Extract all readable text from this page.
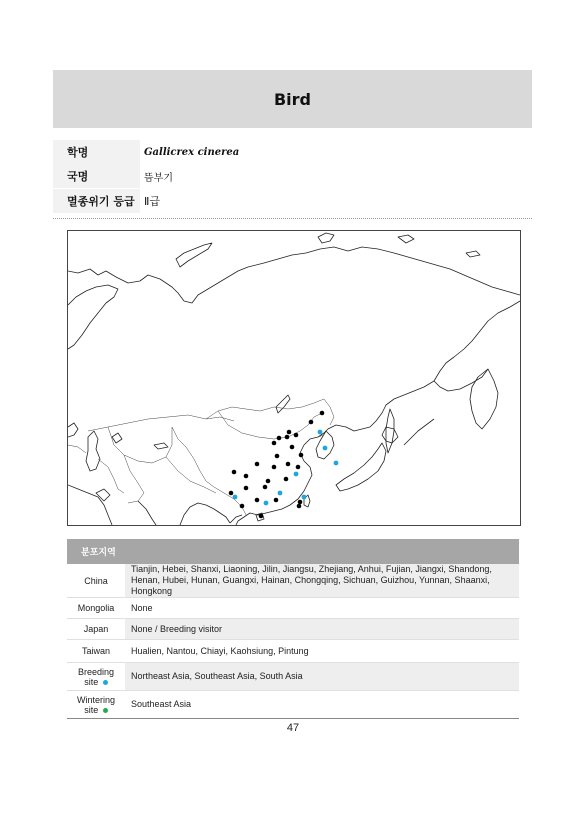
Bird
학명	Gallicrex cinerea
국명	뜸부기
멸종위기 등급 Ⅱ급
분포지역	
China	Tianjin, Hebei, Shanxi, Liaoning, Jilin, Jiangsu, Zhejiang, Anhui, Fujian, Jiangxi, Shandong, Henan, Hubei, Hunan, Guangxi, Hainan, Chongqing, Sichuan, Guizhou, Yunnan, Shaanxi, Hongkong
Mongolia	None
Japan	None / Breeding visitor
Taiwan	Hualien, Nantou, Chiayi, Kaohsiung, Pintung
Breeding
site	Northeast Asia, Southeast Asia, South Asia
Wintering
site	Southeast Asia
47
